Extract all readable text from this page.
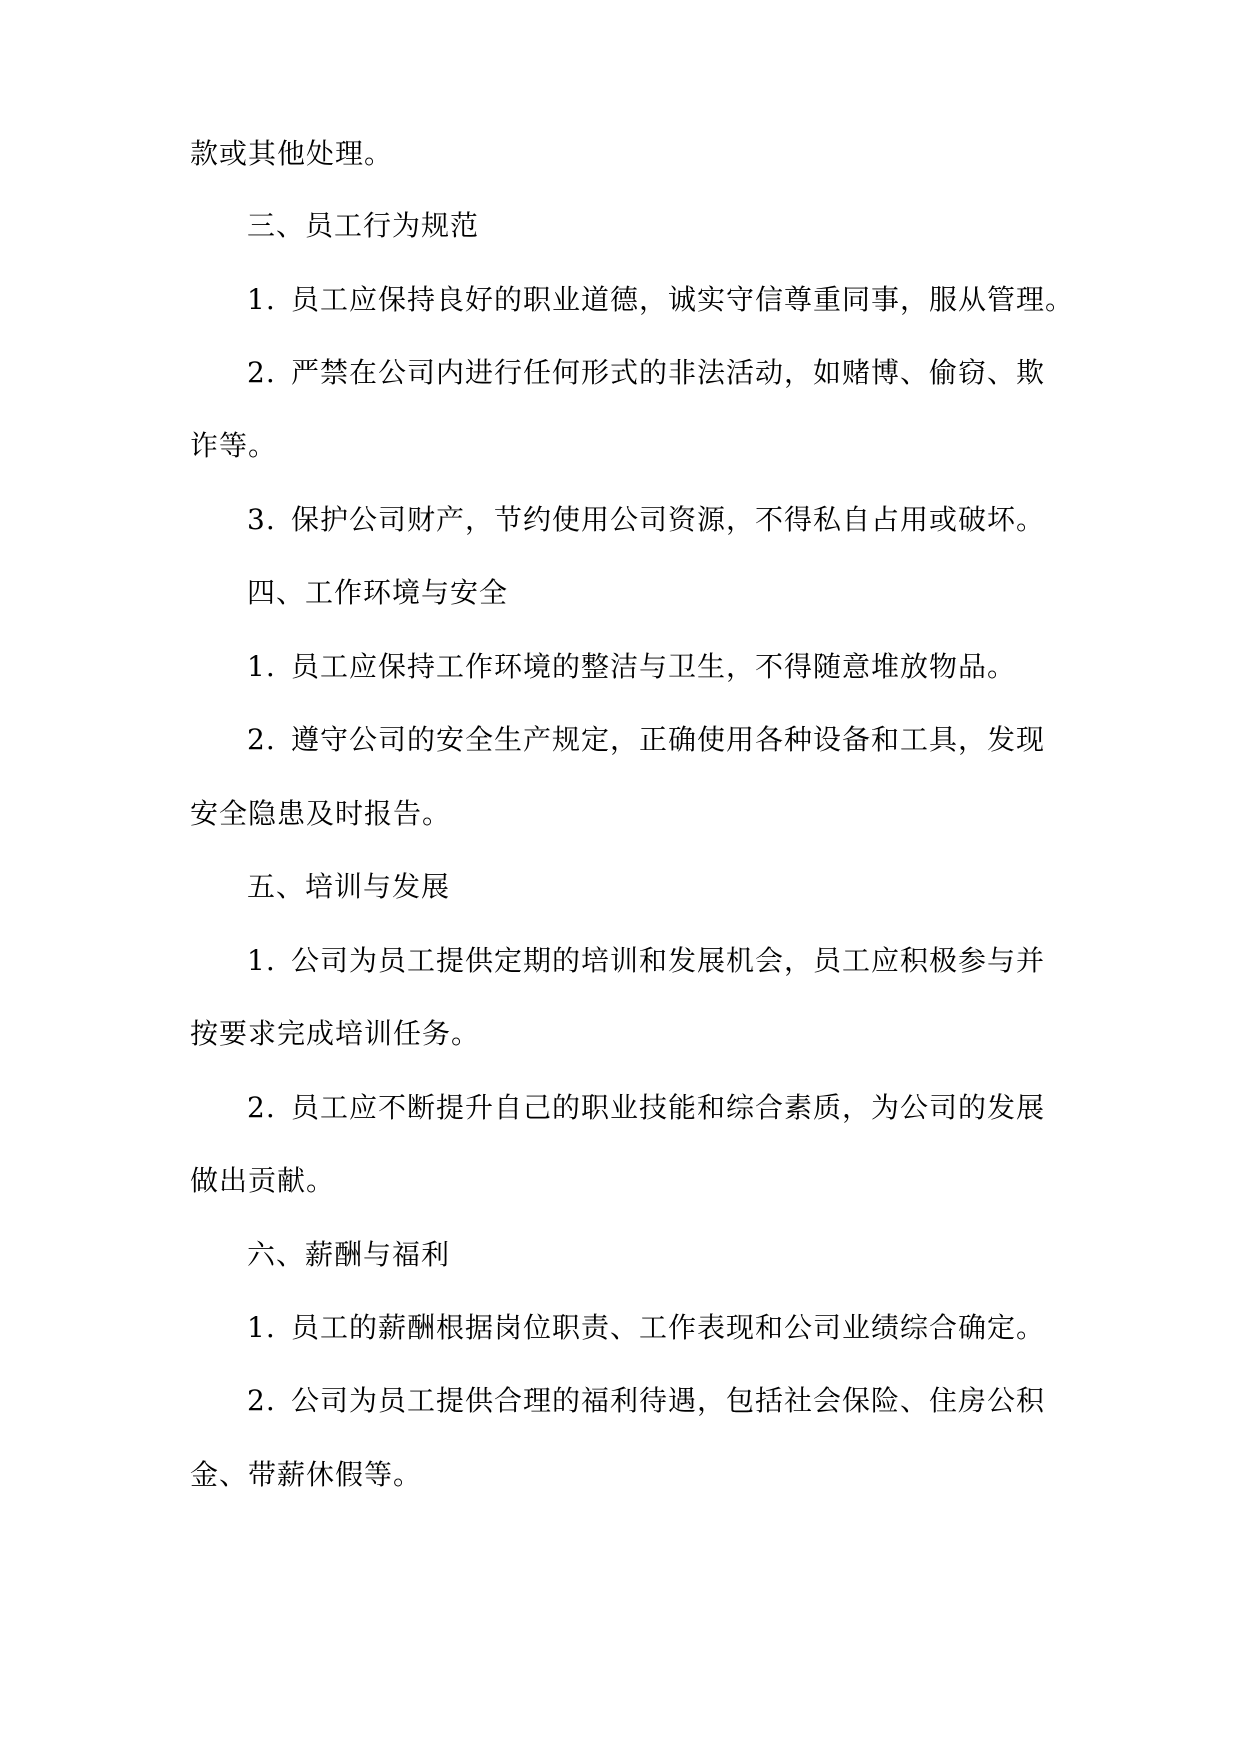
款或其他处理。
三、员工行为规范
1. 员工应保持良好的职业道德，诚实守信尊重同事，服从管理。
2. 严禁在公司内进行任何形式的非法活动，如赌博、偷窃、欺
诈等。
3. 保护公司财产，节约使用公司资源，不得私自占用或破坏。
四、工作环境与安全
1. 员工应保持工作环境的整洁与卫生，不得随意堆放物品。
2. 遵守公司的安全生产规定，正确使用各种设备和工具，发现
安全隐患及时报告。
五、培训与发展
1. 公司为员工提供定期的培训和发展机会，员工应积极参与并
按要求完成培训任务。
2. 员工应不断提升自己的职业技能和综合素质，为公司的发展
做出贡献。
六、薪酬与福利
1. 员工的薪酬根据岗位职责、工作表现和公司业绩综合确定。
2. 公司为员工提供合理的福利待遇，包括社会保险、住房公积
金、带薪休假等。
